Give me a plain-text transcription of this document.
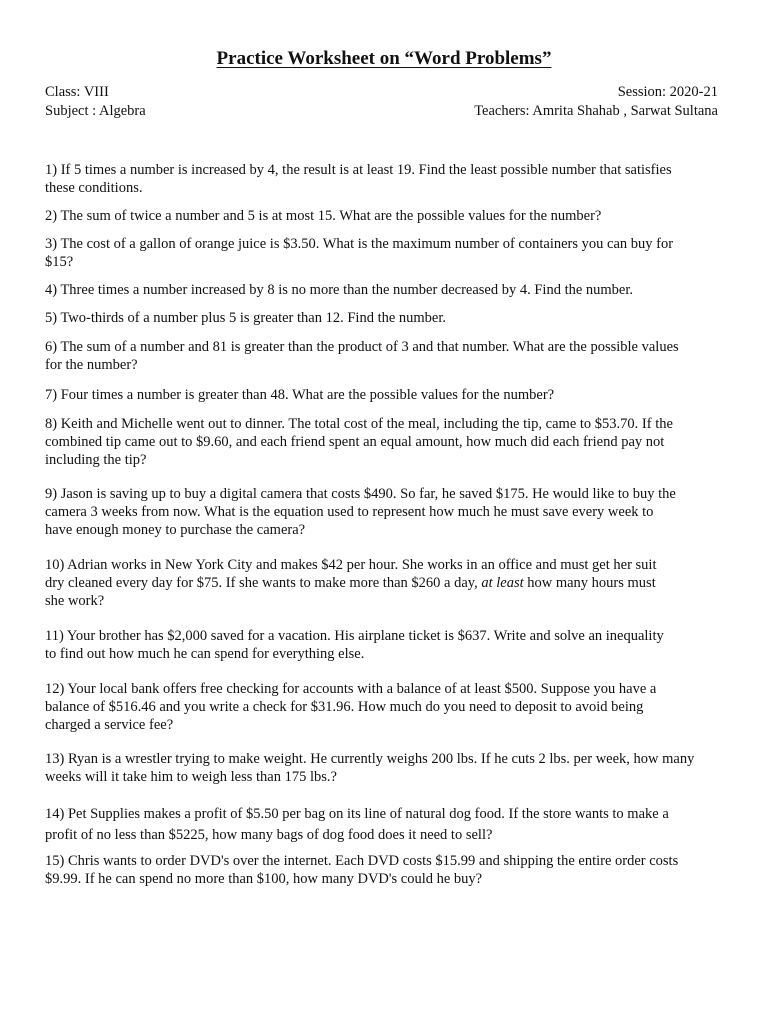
Practice Worksheet on “Word Problems”
Class: VIII
Subject : Algebra
Session: 2020-21
Teachers: Amrita Shahab , Sarwat Sultana
1) If 5 times a number is increased by 4, the result is at least 19. Find the least possible number that satisfies
these conditions.
2) The sum of twice a number and 5 is at most 15. What are the possible values for the number?
3) The cost of a gallon of orange juice is $3.50. What is the maximum number of containers you can buy for
$15?
4) Three times a number increased by 8 is no more than the number decreased by 4. Find the number.
5) Two-thirds of a number plus 5 is greater than 12. Find the number.
6) The sum of a number and 81 is greater than the product of 3 and that number. What are the possible values
for the number?
7) Four times a number is greater than 48. What are the possible values for the number?
8) Keith and Michelle went out to dinner. The total cost of the meal, including the tip, came to $53.70. If the
combined tip came out to $9.60, and each friend spent an equal amount, how much did each friend pay not
including the tip?
9) Jason is saving up to buy a digital camera that costs $490. So far, he saved $175. He would like to buy the
camera 3 weeks from now. What is the equation used to represent how much he must save every week to
have enough money to purchase the camera?
10) Adrian works in New York City and makes $42 per hour. She works in an office and must get her suit
dry cleaned every day for $75. If she wants to make more than $260 a day, at least how many hours must
she work?
11) Your brother has $2,000 saved for a vacation. His airplane ticket is $637. Write and solve an inequality
to find out how much he can spend for everything else.
12) Your local bank offers free checking for accounts with a balance of at least $500. Suppose you have a
balance of $516.46 and you write a check for $31.96. How much do you need to deposit to avoid being
charged a service fee?
13) Ryan is a wrestler trying to make weight. He currently weighs 200 lbs. If he cuts 2 lbs. per week, how many
weeks will it take him to weigh less than 175 lbs.?
14) Pet Supplies makes a profit of $5.50 per bag on its line of natural dog food. If the store wants to make a
profit of no less than $5225, how many bags of dog food does it need to sell?
15) Chris wants to order DVD's over the internet. Each DVD costs $15.99 and shipping the entire order costs
$9.99. If he can spend no more than $100, how many DVD's could he buy?
